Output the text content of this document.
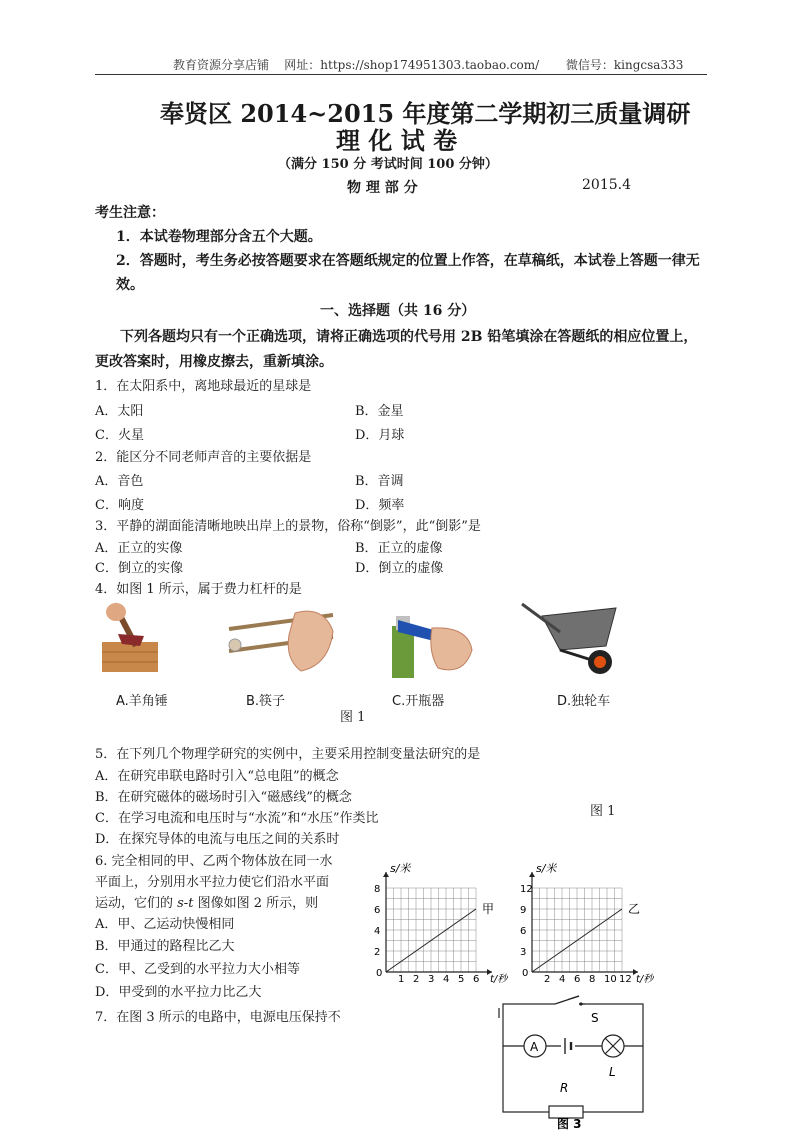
教育资源分享店铺 网址：https://shop174951303.taobao.com/ 微信号：kingcsa333
奉贤区 2014~2015 年度第二学期初三质量调研
理 化 试 卷
（满分 150 分 考试时间 100 分钟）
物 理 部 分	2015.4
考生注意：
1．本试卷物理部分含五个大题。
2．答题时，考生务必按答题要求在答题纸规定的位置上作答，在草稿纸，本试卷上答题一律无
效。
一、选择题（共 16 分）
下列各题均只有一个正确选项，请将正确选项的代号用 2B 铅笔填涂在答题纸的相应位置上，
更改答案时，用橡皮擦去，重新填涂。
1．在太阳系中，离地球最近的星球是
A．太阳	B．金星
C．火星	D．月球
2．能区分不同老师声音的主要依据是
A．音色	B．音调
C．响度	D．频率
3．平静的湖面能清晰地映出岸上的景物，俗称“倒影”，此“倒影”是
A．正立的实像	B．正立的虚像
C．倒立的实像	D．倒立的虚像
4．如图 1 所示，属于费力杠杆的是
A.羊角锤	B.筷子	C.开瓶器	D.独轮车
图 1
5．在下列几个物理学研究的实例中，主要采用控制变量法研究的是
A．在研究串联电路时引入“总电阻”的概念
B．在研究磁体的磁场时引入“磁感线”的概念
C．在学习电流和电压时与“水流”和“水压”作类比
D．在探究导体的电流与电压之间的关系时
图 1
6. 完全相同的甲、乙两个物体放在同一水
平面上，分别用水平拉力使它们沿水平面
运动，它们的 s-t 图像如图 2 所示，则
A．甲、乙运动快慢相同
B．甲通过的路程比乙大
C．甲、乙受到的水平拉力大小相等
D．甲受到的水平拉力比乙大
7．在图 3 所示的电路中，电源电压保持不
1 2 3 4 5 6
2
4
6
8
0
s/米
t/秒
甲
2 4 6 8 10 12
3
6
9
12
0
s/米
t/秒
乙
S
A
L
R
图 3
